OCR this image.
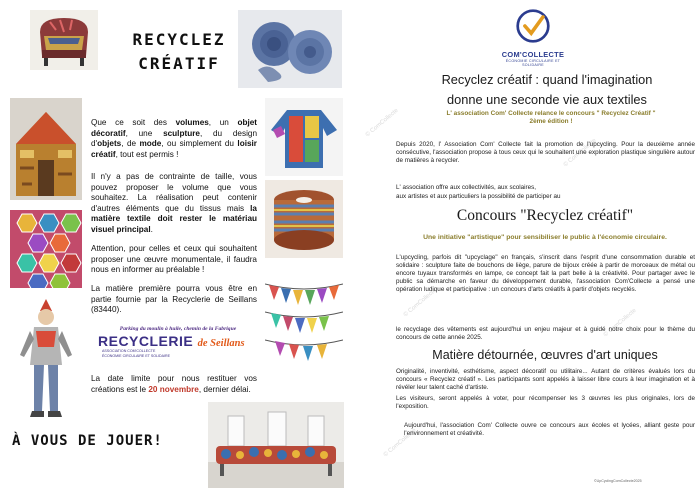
RECYCLEZ
CRÉATIF
Que ce soit des volumes, un objet décoratif, une sculpture, du design d'objets, de mode, ou simplement du loisir créatif, tout est permis !
Il n'y a pas de contrainte de taille, vous pouvez proposer le volume que vous souhaitez. La réalisation peut contenir d'autres éléments que du tissus mais la matière textile doit rester le matériau visuel principal.
Attention, pour celles et ceux qui souhaitent proposer une œuvre monumentale, il faudra nous en informer au préalable !
La matière première pourra vous être en partie fournie par la Recyclerie de Seillans (83440).
Parking du moulin à huile, chemin de la Fabrique
RECYCLERIE de Seillans
ASSOCIATION COM'COLLECTE
ÉCONOMIE CIRCULAIRE ET SOLIDAIRE
La date limite pour nous restituer vos créations est le 20 novembre, dernier délai.
À VOUS DE JOUER!
© ComCollecte
© ComCollecte
© ComCollecte
© ComCollecte
© ComCollecte
COM'COLLECTE
ÉCONOMIE CIRCULAIRE ET SOLIDAIRE
Recyclez créatif : quand l'imagination
donne une seconde vie aux textiles
L' association Com' Collecte relance le concours " Recyclez Créatif "
2ème édition !
Depuis 2020, l' Association Com' Collecte fait la promotion de l'upcycling. Pour la deuxième année consécutive, l'association propose à tous ceux qui le souhaitent une exploration plastique singulière autour de matières à recycler.
L' association offre aux collectivités, aux scolaires,
aux artistes et aux particuliers la possibilité de participer au
Concours "Recyclez créatif"
Une initiative "artistique" pour sensibiliser le public à l'économie circulaire.
L'upcycling, parfois dit "upcyclage" en français, s'inscrit dans l'esprit d'une consommation durable et solidaire : sculpture faite de bouchons de liège, parure de bijoux créée à partir de morceaux de métal ou encore tuyaux transformés en lampe, ce concept fait la part belle à la créativité. Pour partager avec le public sa démarche en faveur du développement durable, l'association Com'Collecte a pensé une opération ludique et participative : un concours d'arts créatifs à partir d'objets recyclés.
le recyclage des vêtements est aujourd'hui un enjeu majeur et à guidé notre choix pour le thème du concours de cette année 2025.
Matière détournée, œuvres d'art uniques
Originalité, inventivité, esthétisme, aspect décoratif ou utilitaire... Autant de critères évalués lors du concours « Recyclez créatif ». Les participants sont appelés à laisser libre cours à leur imagination et à révéler leur talent caché d'artiste.
Les visiteurs, seront appelés à voter, pour récompenser les 3 œuvres les plus originales, lors de l'exposition.
Aujourd'hui, l'association Com' Collecte ouvre ce concours aux écoles et lycées, alliant geste pour l'environnement et créativité.
©UpCyclingComCollecte2025
